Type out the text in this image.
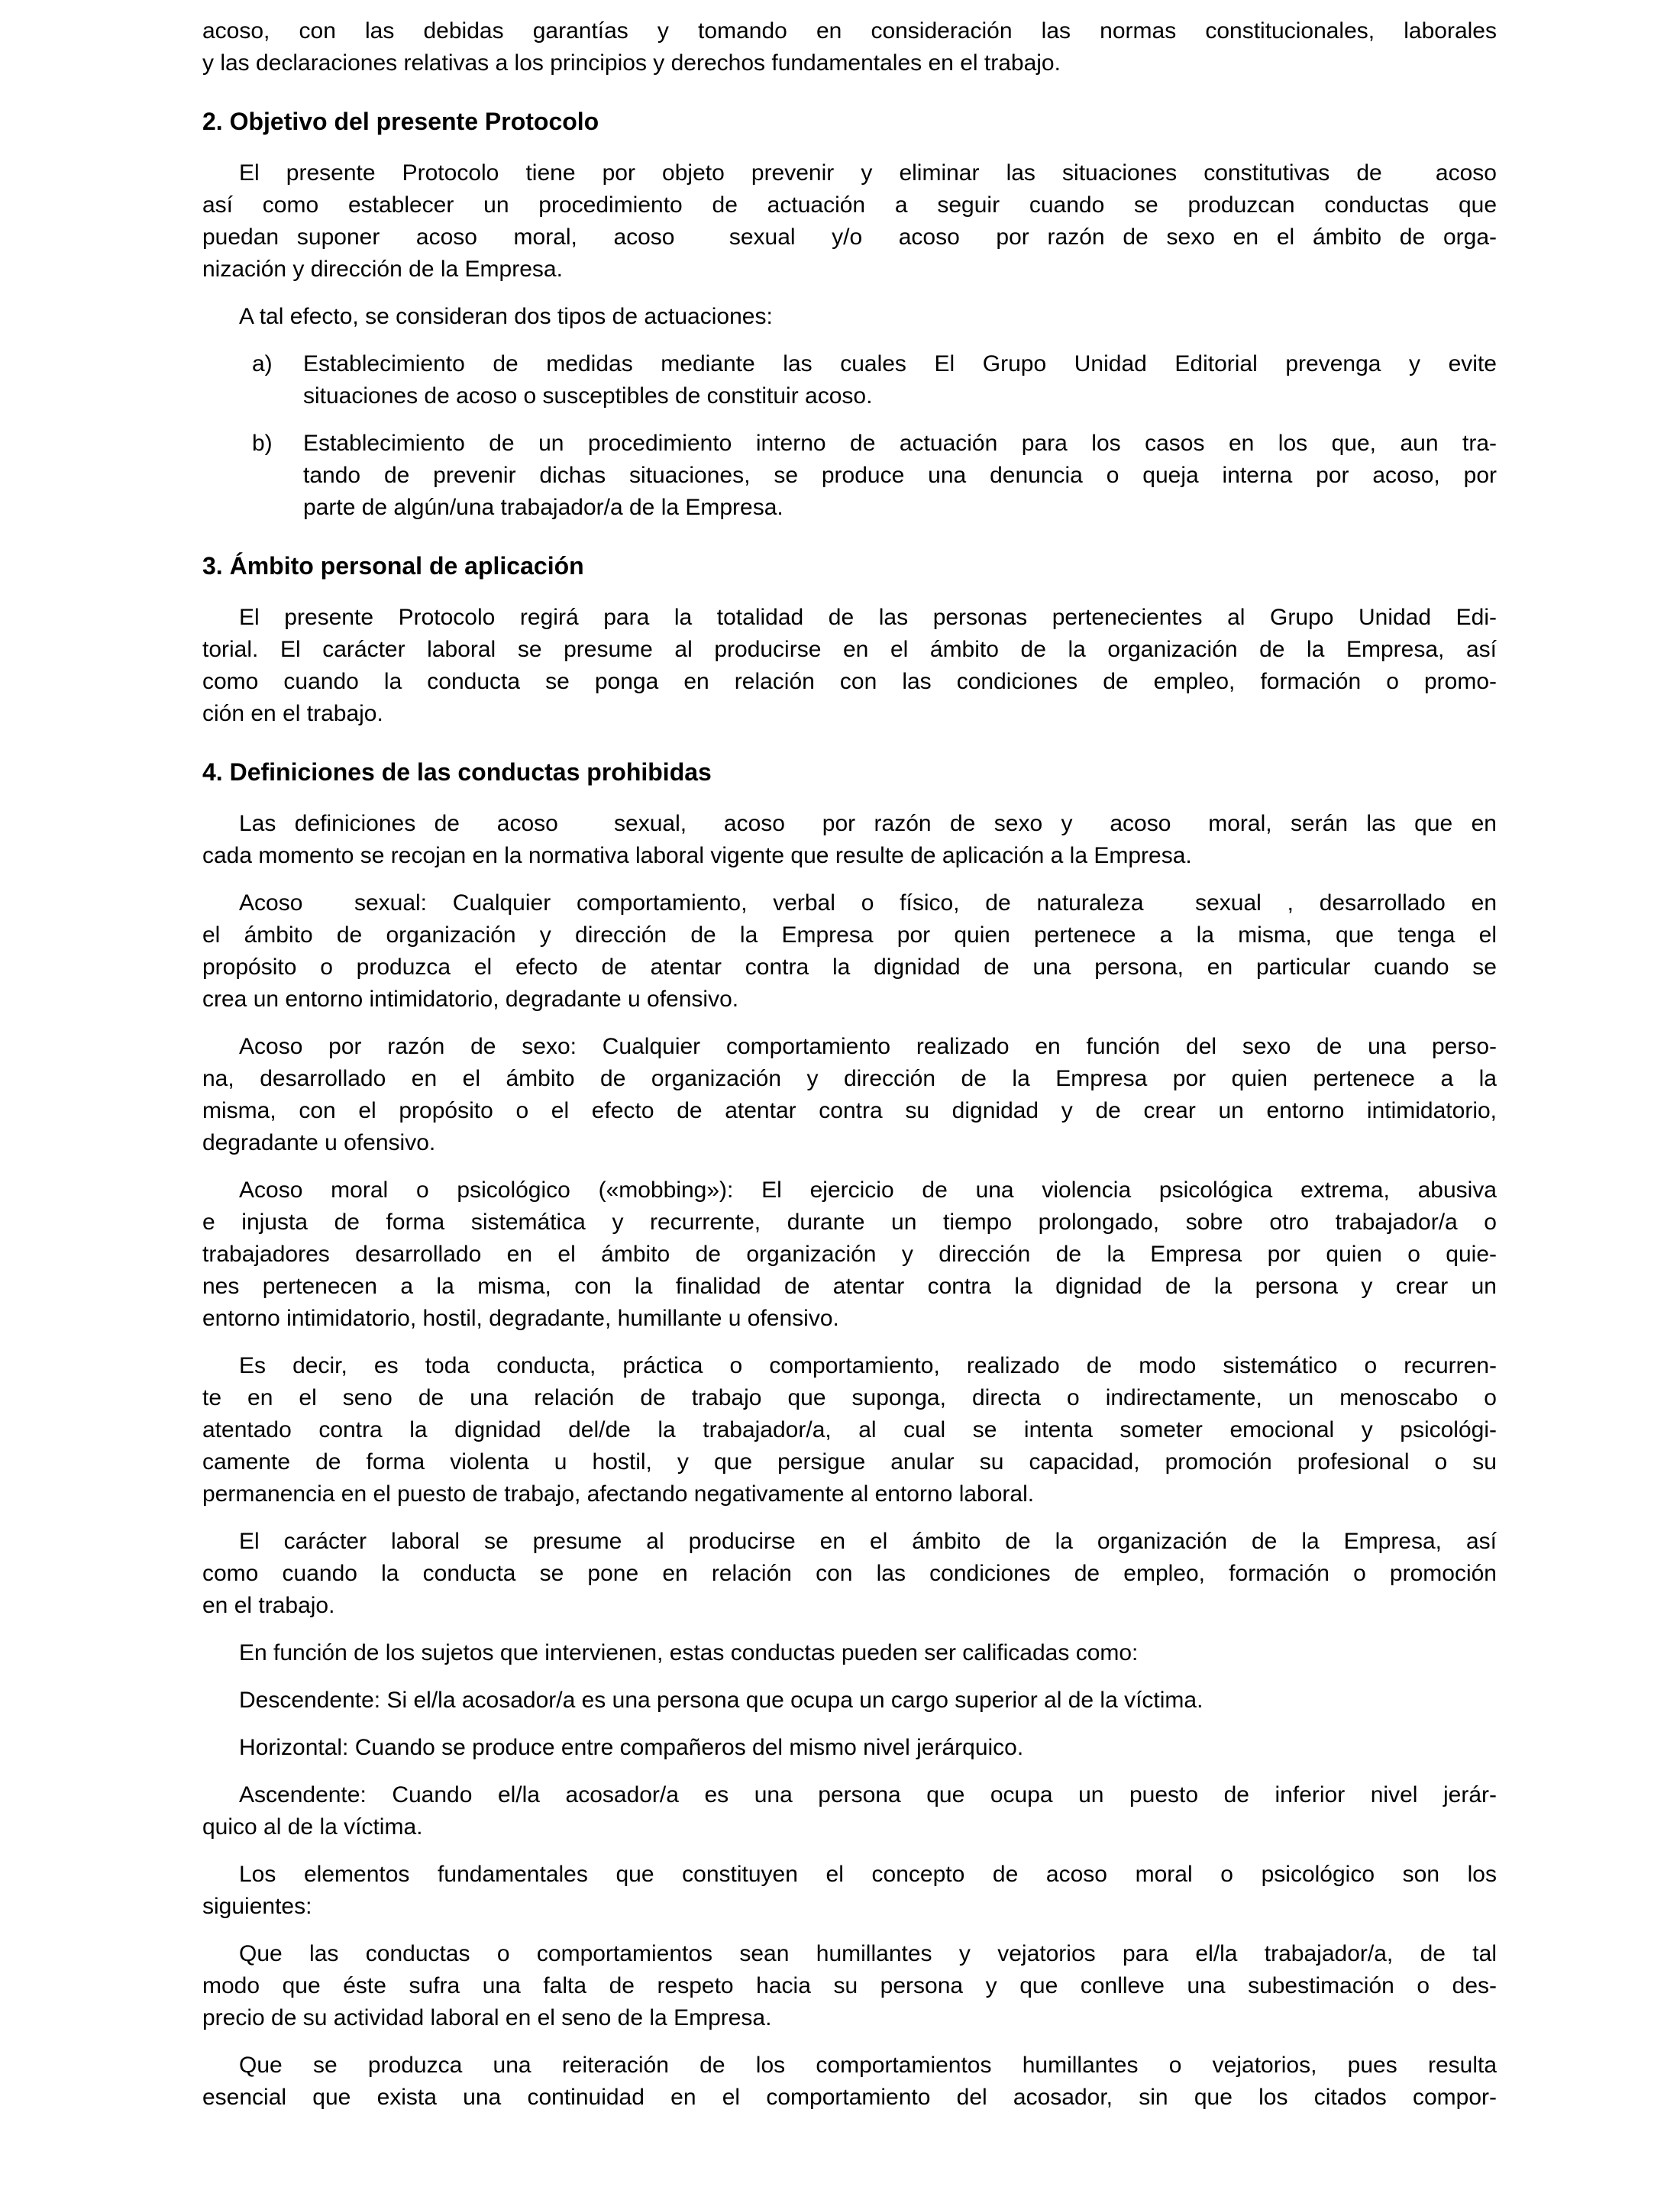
acoso, con las debidas garantías y tomando en consideración las normas constitucionales, laborales
y las declaraciones relativas a los principios y derechos fundamentales en el trabajo.
2. Objetivo del presente Protocolo
El presente Protocolo tiene por objeto prevenir y eliminar las situaciones constitutivas de  acoso
así como establecer un procedimiento de actuación a seguir cuando se produzcan conductas que
puedan suponer  acoso  moral,  acoso   sexual  y/o  acoso  por razón de sexo en el ámbito de orga-
nización y dirección de la Empresa.
A tal efecto, se consideran dos tipos de actuaciones:
a) Establecimiento de medidas mediante las cuales El Grupo Unidad Editorial prevenga y evite
situaciones de acoso o susceptibles de constituir acoso.
b) Establecimiento de un procedimiento interno de actuación para los casos en los que, aun tra-
tando de prevenir dichas situaciones, se produce una denuncia o queja interna por acoso, por
parte de algún/una trabajador/a de la Empresa.
3. Ámbito personal de aplicación
El presente Protocolo regirá para la totalidad de las personas pertenecientes al Grupo Unidad Edi-
torial. El carácter laboral se presume al producirse en el ámbito de la organización de la Empresa, así
como cuando la conducta se ponga en relación con las condiciones de empleo, formación o promo-
ción en el trabajo.
4. Definiciones de las conductas prohibidas
Las definiciones de  acoso   sexual,  acoso  por razón de sexo y  acoso  moral, serán las que en
cada momento se recojan en la normativa laboral vigente que resulte de aplicación a la Empresa.
Acoso  sexual: Cualquier comportamiento, verbal o físico, de naturaleza  sexual , desarrollado en
el ámbito de organización y dirección de la Empresa por quien pertenece a la misma, que tenga el
propósito o produzca el efecto de atentar contra la dignidad de una persona, en particular cuando se
crea un entorno intimidatorio, degradante u ofensivo.
Acoso por razón de sexo: Cualquier comportamiento realizado en función del sexo de una perso-
na, desarrollado en el ámbito de organización y dirección de la Empresa por quien pertenece a la
misma, con el propósito o el efecto de atentar contra su dignidad y de crear un entorno intimidatorio,
degradante u ofensivo.
Acoso moral o psicológico («mobbing»): El ejercicio de una violencia psicológica extrema, abusiva
e injusta de forma sistemática y recurrente, durante un tiempo prolongado, sobre otro trabajador/a o
trabajadores desarrollado en el ámbito de organización y dirección de la Empresa por quien o quie-
nes pertenecen a la misma, con la finalidad de atentar contra la dignidad de la persona y crear un
entorno intimidatorio, hostil, degradante, humillante u ofensivo.
Es decir, es toda conducta, práctica o comportamiento, realizado de modo sistemático o recurren-
te en el seno de una relación de trabajo que suponga, directa o indirectamente, un menoscabo o
atentado contra la dignidad del/de la trabajador/a, al cual se intenta someter emocional y psicológi-
camente de forma violenta u hostil, y que persigue anular su capacidad, promoción profesional o su
permanencia en el puesto de trabajo, afectando negativamente al entorno laboral.
El carácter laboral se presume al producirse en el ámbito de la organización de la Empresa, así
como cuando la conducta se pone en relación con las condiciones de empleo, formación o promoción
en el trabajo.
En función de los sujetos que intervienen, estas conductas pueden ser calificadas como:
Descendente: Si el/la acosador/a es una persona que ocupa un cargo superior al de la víctima.
Horizontal: Cuando se produce entre compañeros del mismo nivel jerárquico.
Ascendente: Cuando el/la acosador/a es una persona que ocupa un puesto de inferior nivel jerár-
quico al de la víctima.
Los elementos fundamentales que constituyen el concepto de acoso moral o psicológico son los
siguientes:
Que las conductas o comportamientos sean humillantes y vejatorios para el/la trabajador/a, de tal
modo que éste sufra una falta de respeto hacia su persona y que conlleve una subestimación o des-
precio de su actividad laboral en el seno de la Empresa.
Que se produzca una reiteración de los comportamientos humillantes o vejatorios, pues resulta
esencial que exista una continuidad en el comportamiento del acosador, sin que los citados compor-
